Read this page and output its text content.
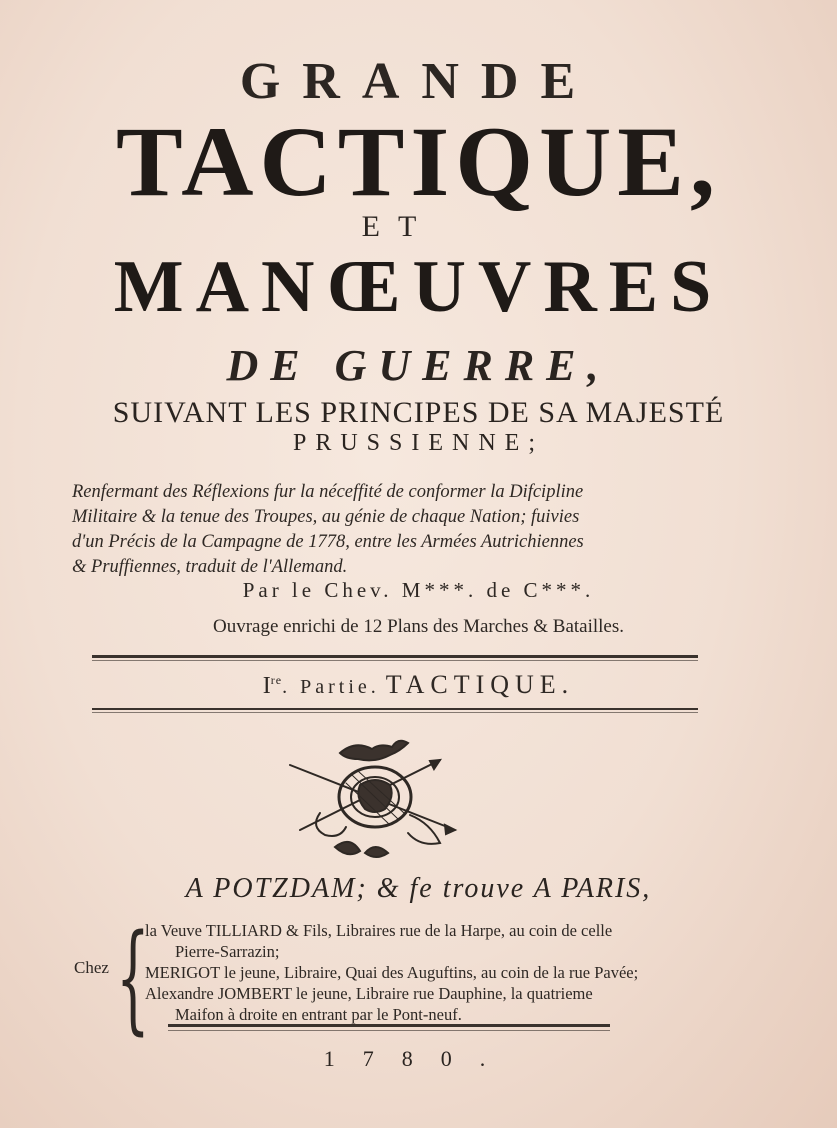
GRANDE
TACTIQUE,
ET
MANŒUVRES
DE GUERRE,
SUIVANT LES PRINCIPES DE SA MAJESTÉ
PRUSSIENNE;
Renfermant des Réflexions fur la néceffité de conformer la Difcipline
Militaire & la tenue des Troupes, au génie de chaque Nation; fuivies
d'un Précis de la Campagne de 1778, entre les Armées Autrichiennes
& Pruffiennes, traduit de l'Allemand.
Par le Chev. M***. de C***.
Ouvrage enrichi de 12 Plans des Marches & Batailles.
Ire. Partie. TACTIQUE.
A POTZDAM; & fe trouve A PARIS,
Chez {
la Veuve TILLIARD & Fils, Libraires rue de la Harpe, au coin de celle
Pierre-Sarrazin;
MERIGOT le jeune, Libraire, Quai des Auguftins, au coin de la rue Pavée;
Alexandre JOMBERT le jeune, Libraire rue Dauphine, la quatrieme
Maifon à droite en entrant par le Pont-neuf.
1780.
